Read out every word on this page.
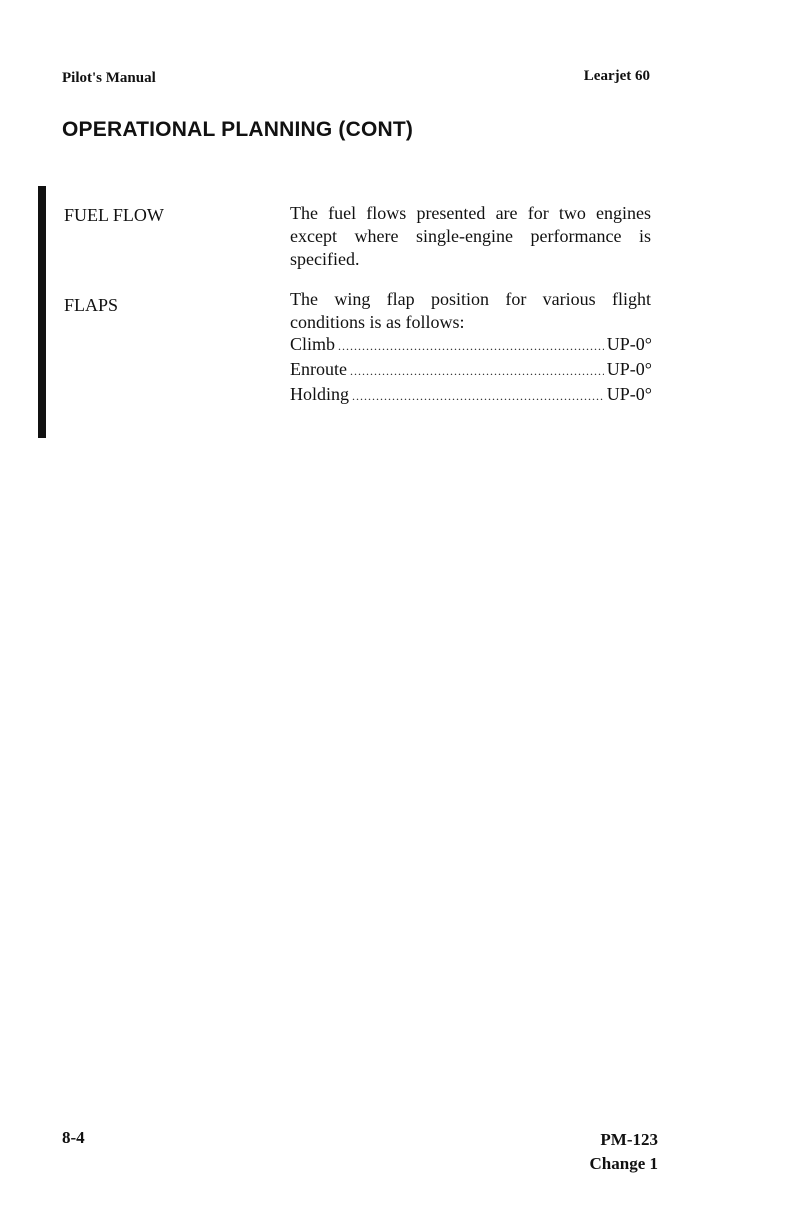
Pilot's Manual	Learjet 60
OPERATIONAL PLANNING (CONT)
FUEL FLOW	The fuel flows presented are for two engines except where single-engine performance is specified.
FLAPS	The wing flap position for various flight conditions is as follows:
Climb .....	UP-0°
Enroute .....	UP-0°
Holding .....	UP-0°
8-4	PM-123
Change 1
